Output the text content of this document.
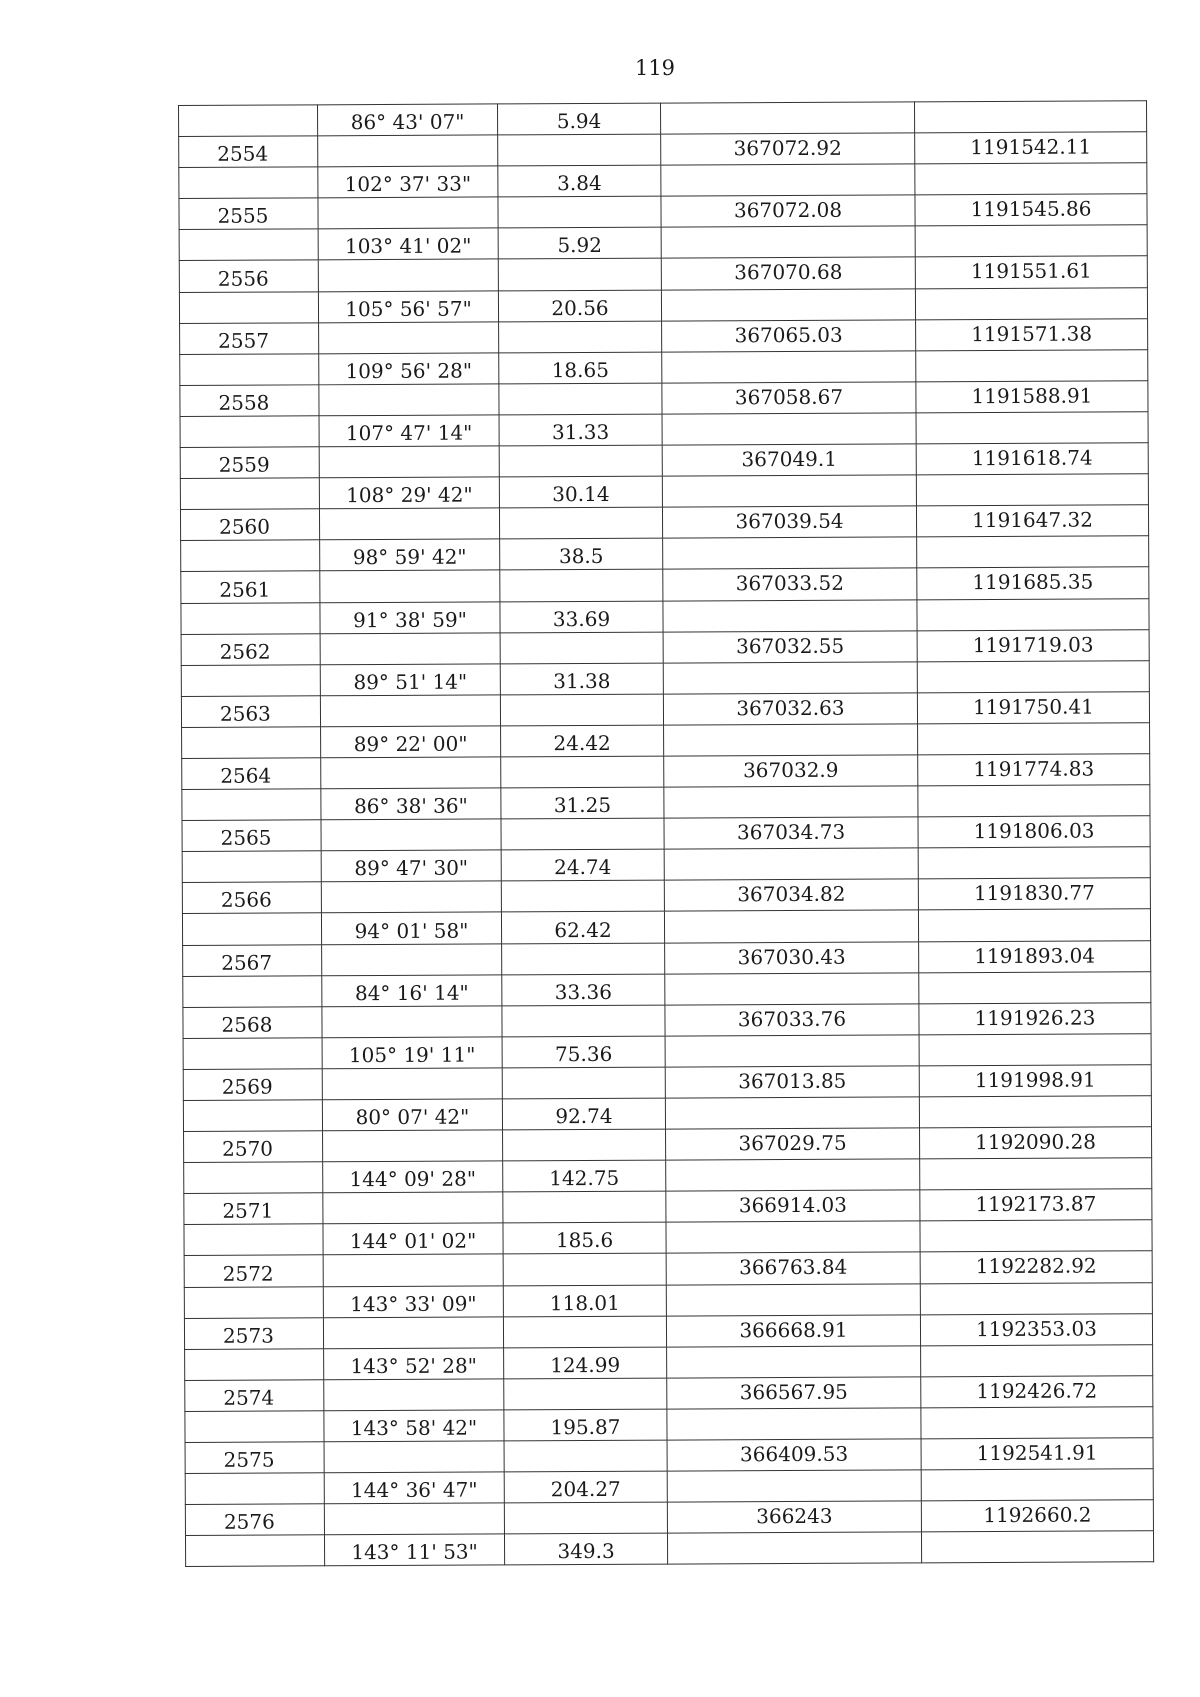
119
	86° 43' 07"	5.94		
2554			367072.92	1191542.11
	102° 37' 33"	3.84		
2555			367072.08	1191545.86
	103° 41' 02"	5.92		
2556			367070.68	1191551.61
	105° 56' 57"	20.56		
2557			367065.03	1191571.38
	109° 56' 28"	18.65		
2558			367058.67	1191588.91
	107° 47' 14"	31.33		
2559			367049.1	1191618.74
	108° 29' 42"	30.14		
2560			367039.54	1191647.32
	98° 59' 42"	38.5		
2561			367033.52	1191685.35
	91° 38' 59"	33.69		
2562			367032.55	1191719.03
	89° 51' 14"	31.38		
2563			367032.63	1191750.41
	89° 22' 00"	24.42		
2564			367032.9	1191774.83
	86° 38' 36"	31.25		
2565			367034.73	1191806.03
	89° 47' 30"	24.74		
2566			367034.82	1191830.77
	94° 01' 58"	62.42		
2567			367030.43	1191893.04
	84° 16' 14"	33.36		
2568			367033.76	1191926.23
	105° 19' 11"	75.36		
2569			367013.85	1191998.91
	80° 07' 42"	92.74		
2570			367029.75	1192090.28
	144° 09' 28"	142.75		
2571			366914.03	1192173.87
	144° 01' 02"	185.6		
2572			366763.84	1192282.92
	143° 33' 09"	118.01		
2573			366668.91	1192353.03
	143° 52' 28"	124.99		
2574			366567.95	1192426.72
	143° 58' 42"	195.87		
2575			366409.53	1192541.91
	144° 36' 47"	204.27		
2576			366243	1192660.2
	143° 11' 53"	349.3		
